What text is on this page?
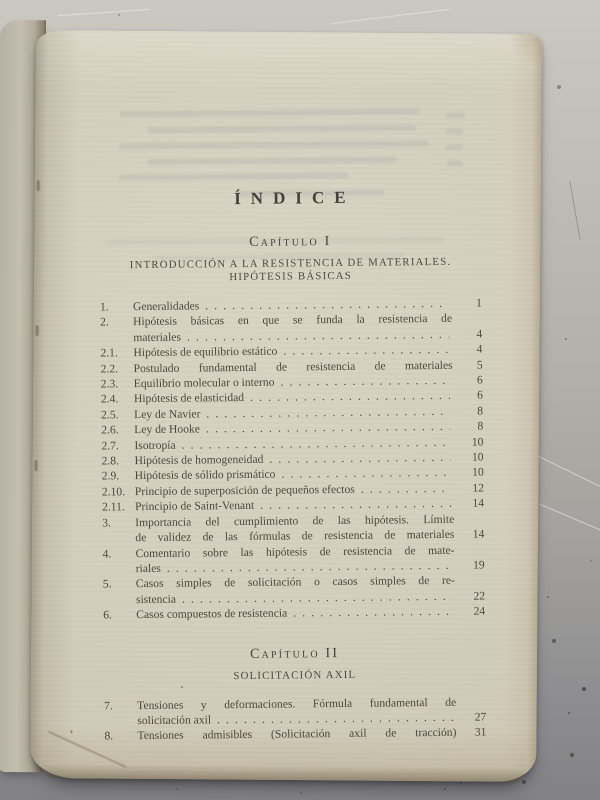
ÍNDICE
Capítulo I
INTRODUCCIÓN A LA RESISTENCIA DE MATERIALES.
HIPÓTESIS BÁSICAS
1.	Generalidades . . .	1
2.	Hipótesis básicas en que se funda la resistencia de
materiales . . .	4
2.1.	Hipótesis de equilibrio estático . . .	4
2.2.	Postulado fundamental de resistencia de materiales	5
2.3.	Equilibrio molecular o interno . . .	6
2.4.	Hipótesis de elasticidad . . .	6
2.5.	Ley de Navier . . .	8
2.6.	Ley de Hooke . . .	8
2.7.	Isotropía . . .	10
2.8.	Hipótesis de homogeneidad . . .	10
2.9.	Hipótesis de sólido prismático . . .	10
2.10. Principio de superposición de pequeños efectos . . .	12
2.11. Principio de Saint-Venant . . .	14
3.	Importancia del cumplimiento de las hipótesis. Límite
de validez de las fórmulas de resistencia de materiales	14
4.	Comentario sobre las hipótesis de resistencia de mate-
riales . . .	19
5.	Casos simples de solicitación o casos simples de re-
sistencia . . .	22
6.	Casos compuestos de resistencia . . .	24
Capítulo II
SOLICITACIÓN AXIL
7.	Tensiones y deformaciones. Fórmula fundamental de
solicitación axil . . .	27
8.	Tensiones admisibles (Solicitación axil de tracción)	31
